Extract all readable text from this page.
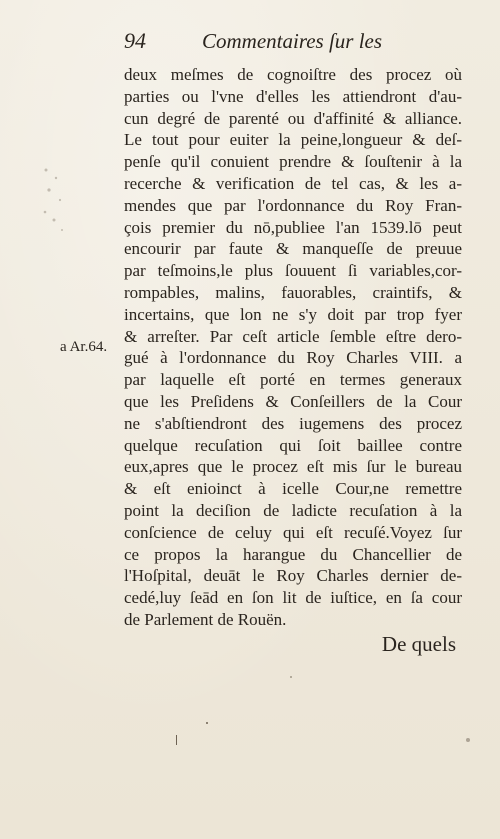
94	Commentaires ſur les
deux meſmes de cognoiſtre des procez où
parties ou l'vne d'elles les attiendront d'au-
cun degré de parenté ou d'affinité & alliance.
Le tout pour euiter la peine,longueur & deſ-
penſe qu'il conuient prendre & ſouſtenir à la
recerche & verification de tel cas, & les a-
mendes que par l'ordonnance du Roy Fran-
çois premier du nō,publiee l'an 1539.lō peut
encourir par faute & manqueſſe de preuue
par teſmoins,le plus ſouuent ſi variables,cor-
rompables, malins, fauorables, craintifs, &
incertains, que lon ne s'y doit par trop fyer
& arreſter. Par ceſt article ſemble eſtre dero-
gué à l'ordonnance du Roy Charles VIII. a
par laquelle eſt porté en termes generaux
que les Preſidens & Conſeillers de la Cour
ne s'abſtiendront des iugemens des procez
quelque recuſation qui ſoit baillee contre
eux,apres que le procez eſt mis ſur le bureau
& eſt enioinct à icelle Cour,ne remettre
point la deciſion de ladicte recuſation à la
conſcience de celuy qui eſt recuſé.Voyez ſur
ce propos la harangue du Chancellier de
l'Hoſpital, deuāt le Roy Charles dernier de-
cedé,luy ſeād en ſon lit de iuſtice, en ſa cour
de Parlement de Rouën.
a Ar.64.
De quels
